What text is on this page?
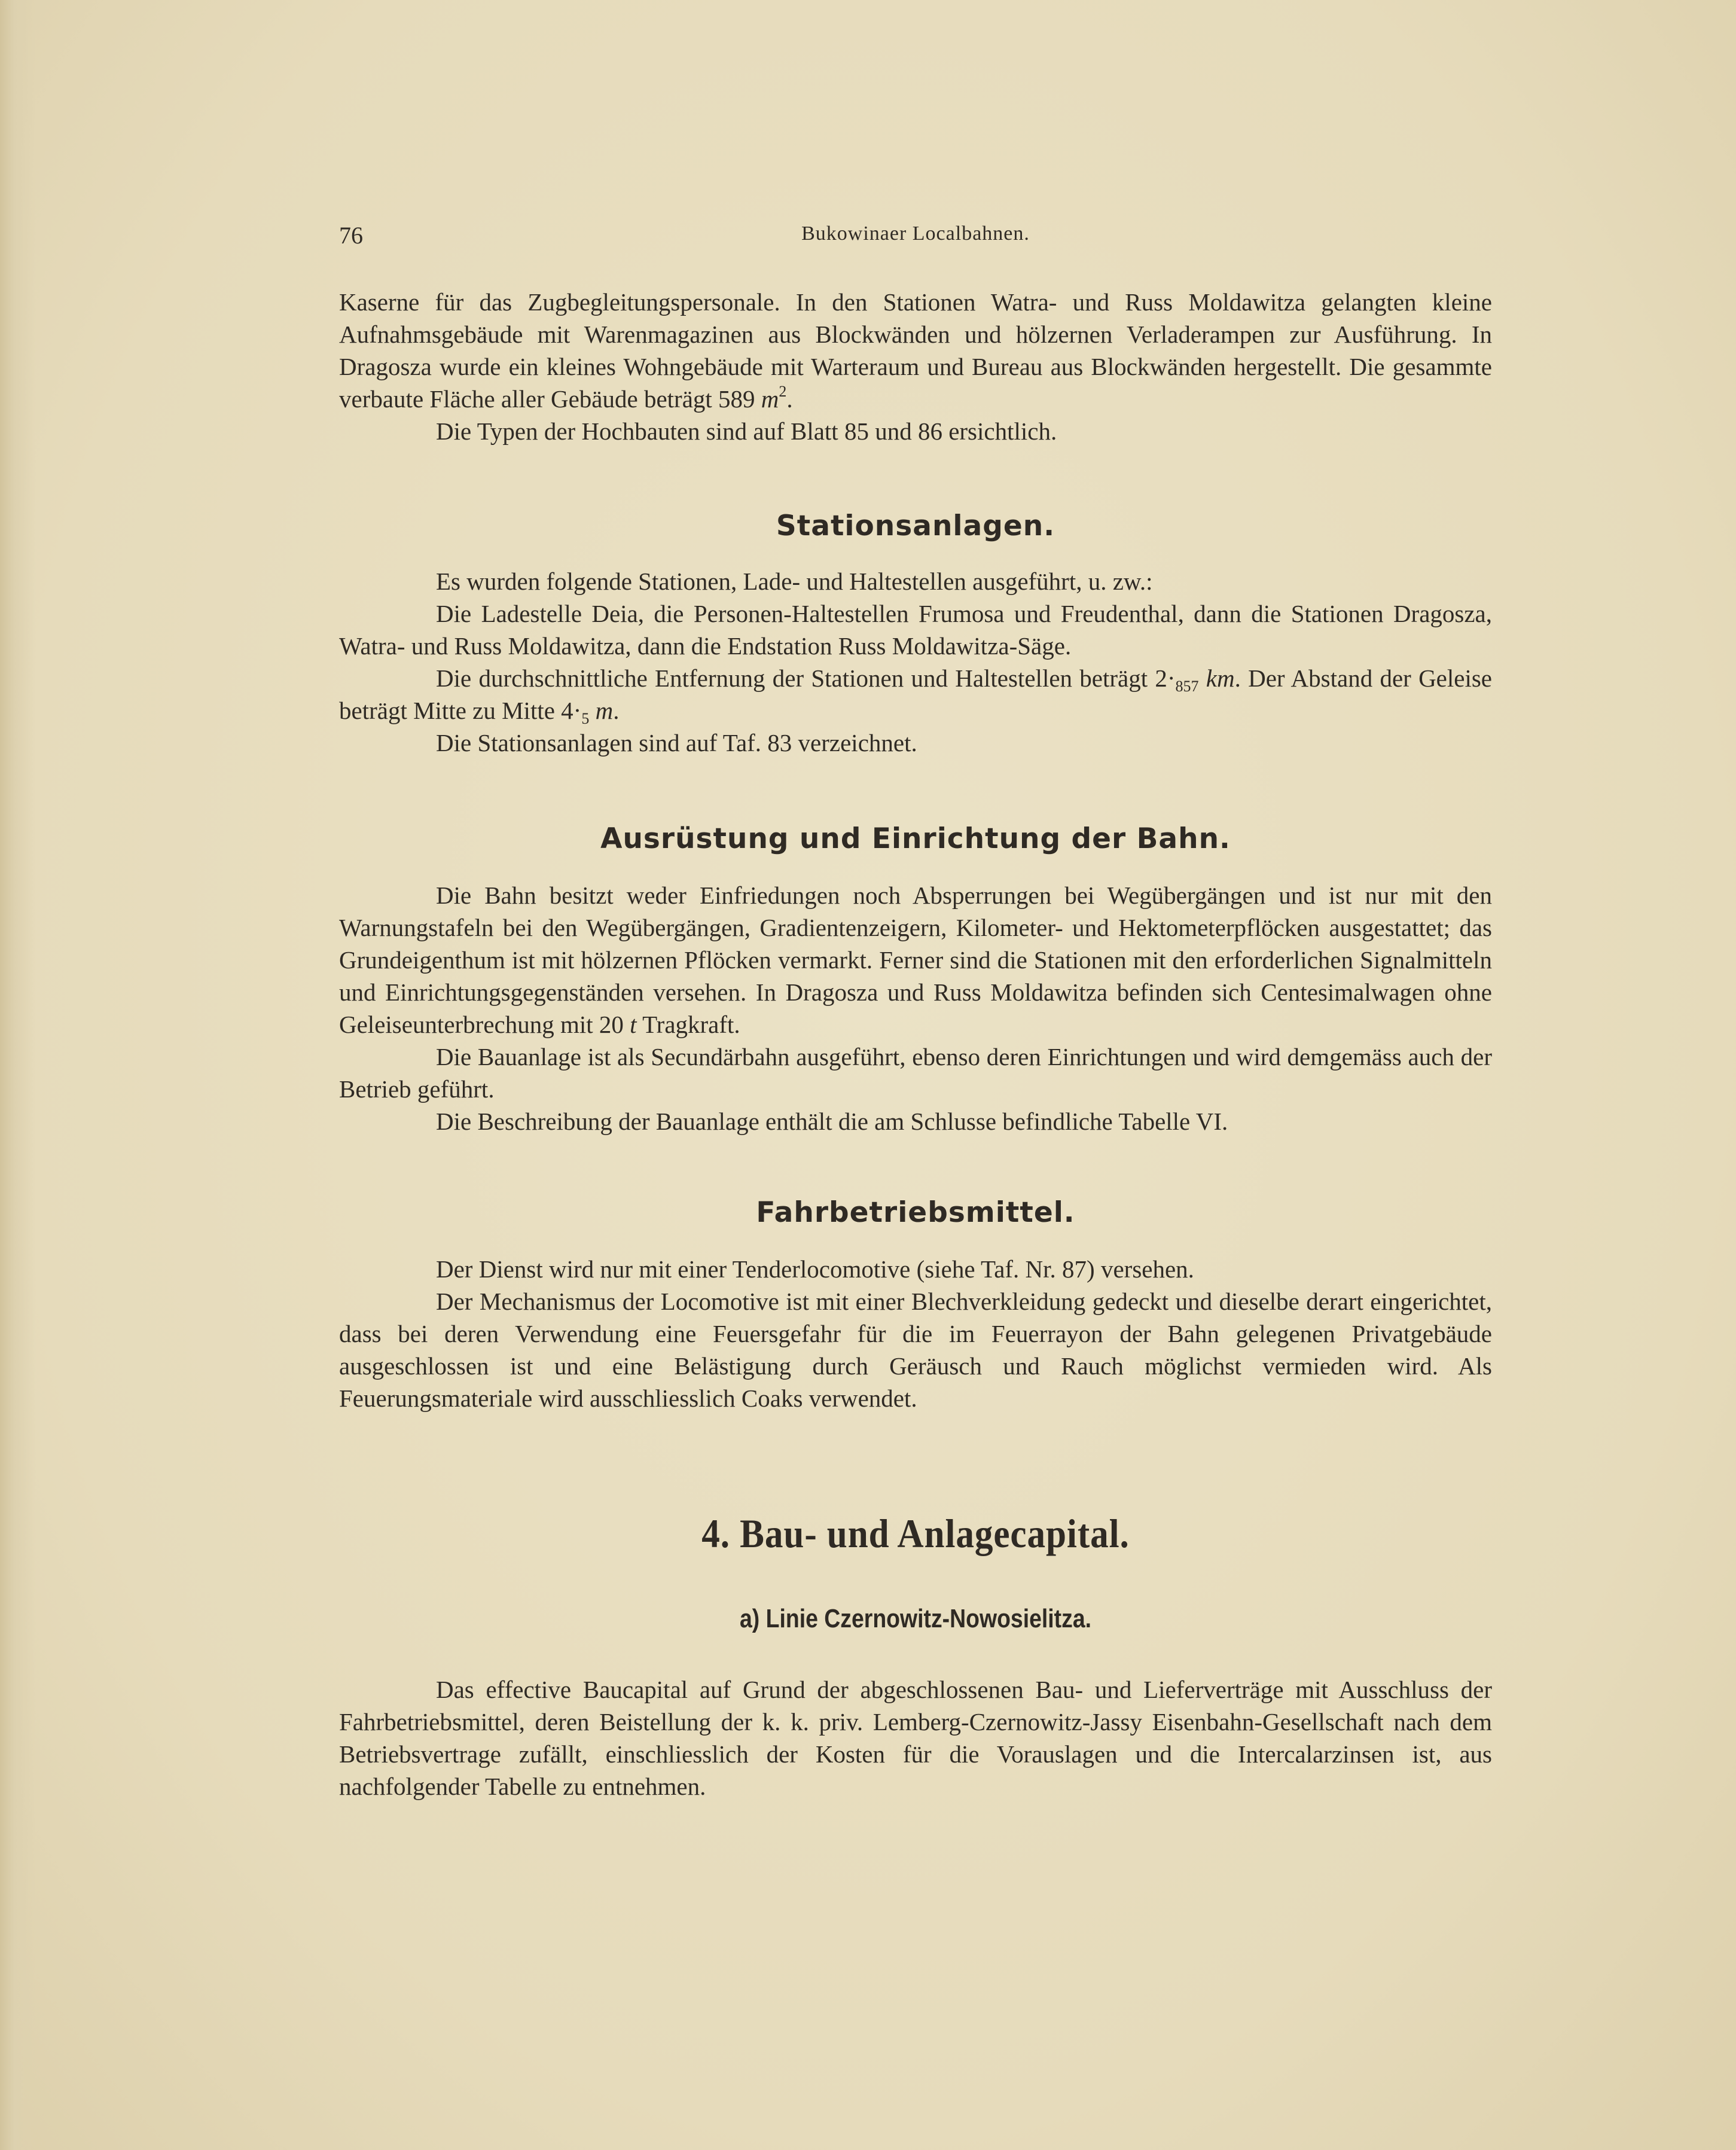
76	Bukowinaer Localbahnen.

Kaserne für das Zugbegleitungspersonale. In den Stationen Watra- und Russ Moldawitza gelangten kleine Aufnahmsgebäude mit Warenmagazinen aus Blockwänden und hölzernen Verladerampen zur Ausführung. In Dragosza wurde ein kleines Wohngebäude mit Warteraum und Bureau aus Blockwänden hergestellt. Die gesammte verbaute Fläche aller Gebäude beträgt 589 $m^2$.

Die Typen der Hochbauten sind auf Blatt 85 und 86 ersichtlich.

Stationsanlagen.

Es wurden folgende Stationen, Lade- und Haltestellen ausgeführt, u. zw.:

Die Ladestelle Deia, die Personen-Haltestellen Frumosa und Freudenthal, dann die Stationen Dragosza, Watra- und Russ Moldawitza, dann die Endstation Russ Moldawitza-Säge.

Die durchschnittliche Entfernung der Stationen und Haltestellen beträgt $2\cdot_{857}$ km. Der Abstand der Geleise beträgt Mitte zu Mitte $4\cdot_5$ m.

Die Stationsanlagen sind auf Taf. 83 verzeichnet.

Ausrüstung und Einrichtung der Bahn.

Die Bahn besitzt weder Einfriedungen noch Absperrungen bei Wegübergängen und ist nur mit den Warnungstafeln bei den Wegübergängen, Gradientenzeigern, Kilometer- und Hektometerpflöcken ausgestattet; das Grundeigenthum ist mit hölzernen Pflöcken vermarkt. Ferner sind die Stationen mit den erforderlichen Signalmitteln und Einrichtungsgegenständen versehen. In Dragosza und Russ Moldawitza befinden sich Centesimalwagen ohne Geleiseunterbrechung mit 20 t Tragkraft.

Die Bauanlage ist als Secundärbahn ausgeführt, ebenso deren Einrichtungen und wird demgemäss auch der Betrieb geführt.

Die Beschreibung der Bauanlage enthält die am Schlusse befindliche Tabelle VI.

Fahrbetriebsmittel.

Der Dienst wird nur mit einer Tenderlocomotive (siehe Taf. Nr. 87) versehen.

Der Mechanismus der Locomotive ist mit einer Blechverkleidung gedeckt und dieselbe derart eingerichtet, dass bei deren Verwendung eine Feuersgefahr für die im Feuerrayon der Bahn gelegenen Privatgebäude ausgeschlossen ist und eine Belästigung durch Geräusch und Rauch möglichst vermieden wird. Als Feuerungsmateriale wird ausschliesslich Coaks verwendet.

4. Bau- und Anlagecapital.
a) Linie Czernowitz-Nowosielitza.

Das effective Baucapital auf Grund der abgeschlossenen Bau- und Lieferverträge mit Ausschluss der Fahrbetriebsmittel, deren Beistellung der k. k. priv. Lemberg-Czernowitz-Jassy Eisenbahn-Gesellschaft nach dem Betriebsvertrage zufällt, einschliesslich der Kosten für die Vorauslagen und die Intercalarzinsen ist, aus nachfolgender Tabelle zu entnehmen.
